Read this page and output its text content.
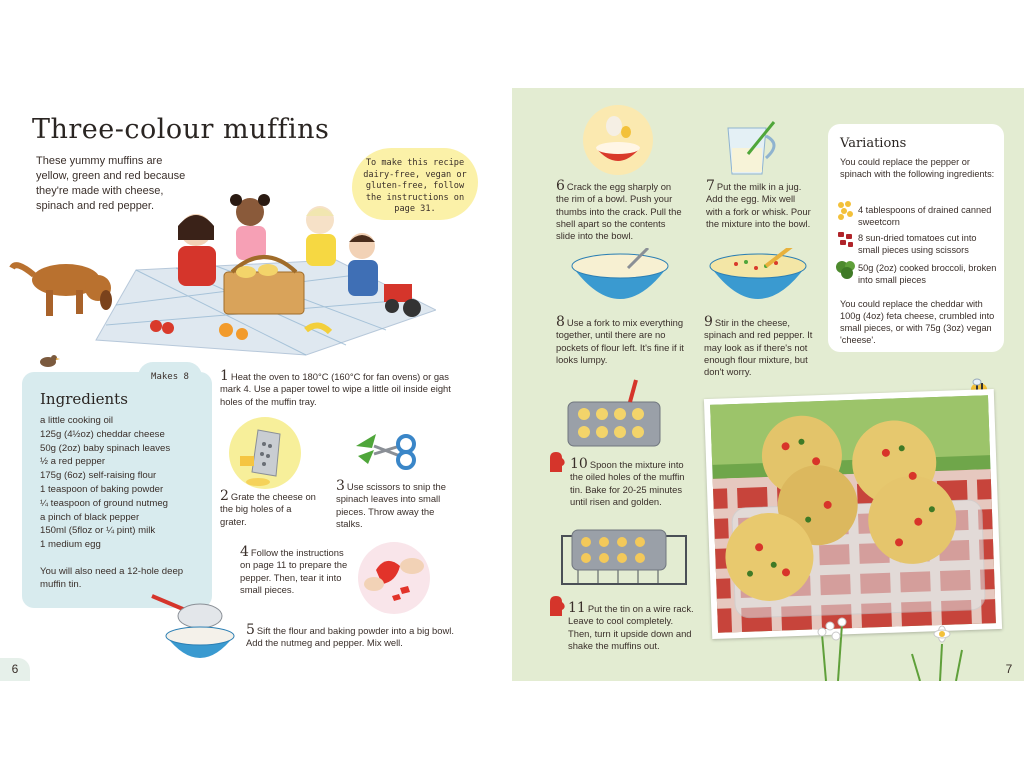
Three-colour muffins
These yummy muffins are yellow, green and red because they're made with cheese, spinach and red pepper.
To make this recipe dairy-free, vegan or gluten-free, follow the instructions on page 31.
Makes 8
Ingredients
a little cooking oil
125g (4½oz) cheddar cheese
50g (2oz) baby spinach leaves
½ a red pepper
175g (6oz) self-raising flour
1 teaspoon of baking powder
¼ teaspoon of ground nutmeg
a pinch of black pepper
150ml (5floz or ¼ pint) milk
1 medium egg
You will also need a 12-hole deep muffin tin.
1 Heat the oven to 180°C (160°C for fan ovens) or gas mark 4. Use a paper towel to wipe a little oil inside eight holes of the muffin tray.
2 Grate the cheese on the big holes of a grater.
3 Use scissors to snip the spinach leaves into small pieces. Throw away the stalks.
4 Follow the instructions on page 11 to prepare the pepper. Then, tear it into small pieces.
5 Sift the flour and baking powder into a big bowl. Add the nutmeg and pepper. Mix well.
6
6 Crack the egg sharply on the rim of a bowl. Push your thumbs into the crack. Pull the shell apart so the contents slide into the bowl.
7 Put the milk in a jug. Add the egg. Mix well with a fork or whisk. Pour the mixture into the bowl.
8 Use a fork to mix everything together, until there are no pockets of flour left. It's fine if it looks lumpy.
9 Stir in the cheese, spinach and red pepper. It may look as if there's not enough flour mixture, but don't worry.
10 Spoon the mixture into the oiled holes of the muffin tin. Bake for 20-25 minutes until risen and golden.
11 Put the tin on a wire rack. Leave to cool completely. Then, turn it upside down and shake the muffins out.
Variations
You could replace the pepper or spinach with the following ingredients:
4 tablespoons of drained canned sweetcorn
8 sun-dried tomatoes cut into small pieces using scissors
50g (2oz) cooked broccoli, broken into small pieces
You could replace the cheddar with 100g (4oz) feta cheese, crumbled into small pieces, or with 75g (3oz) vegan 'cheese'.
7
